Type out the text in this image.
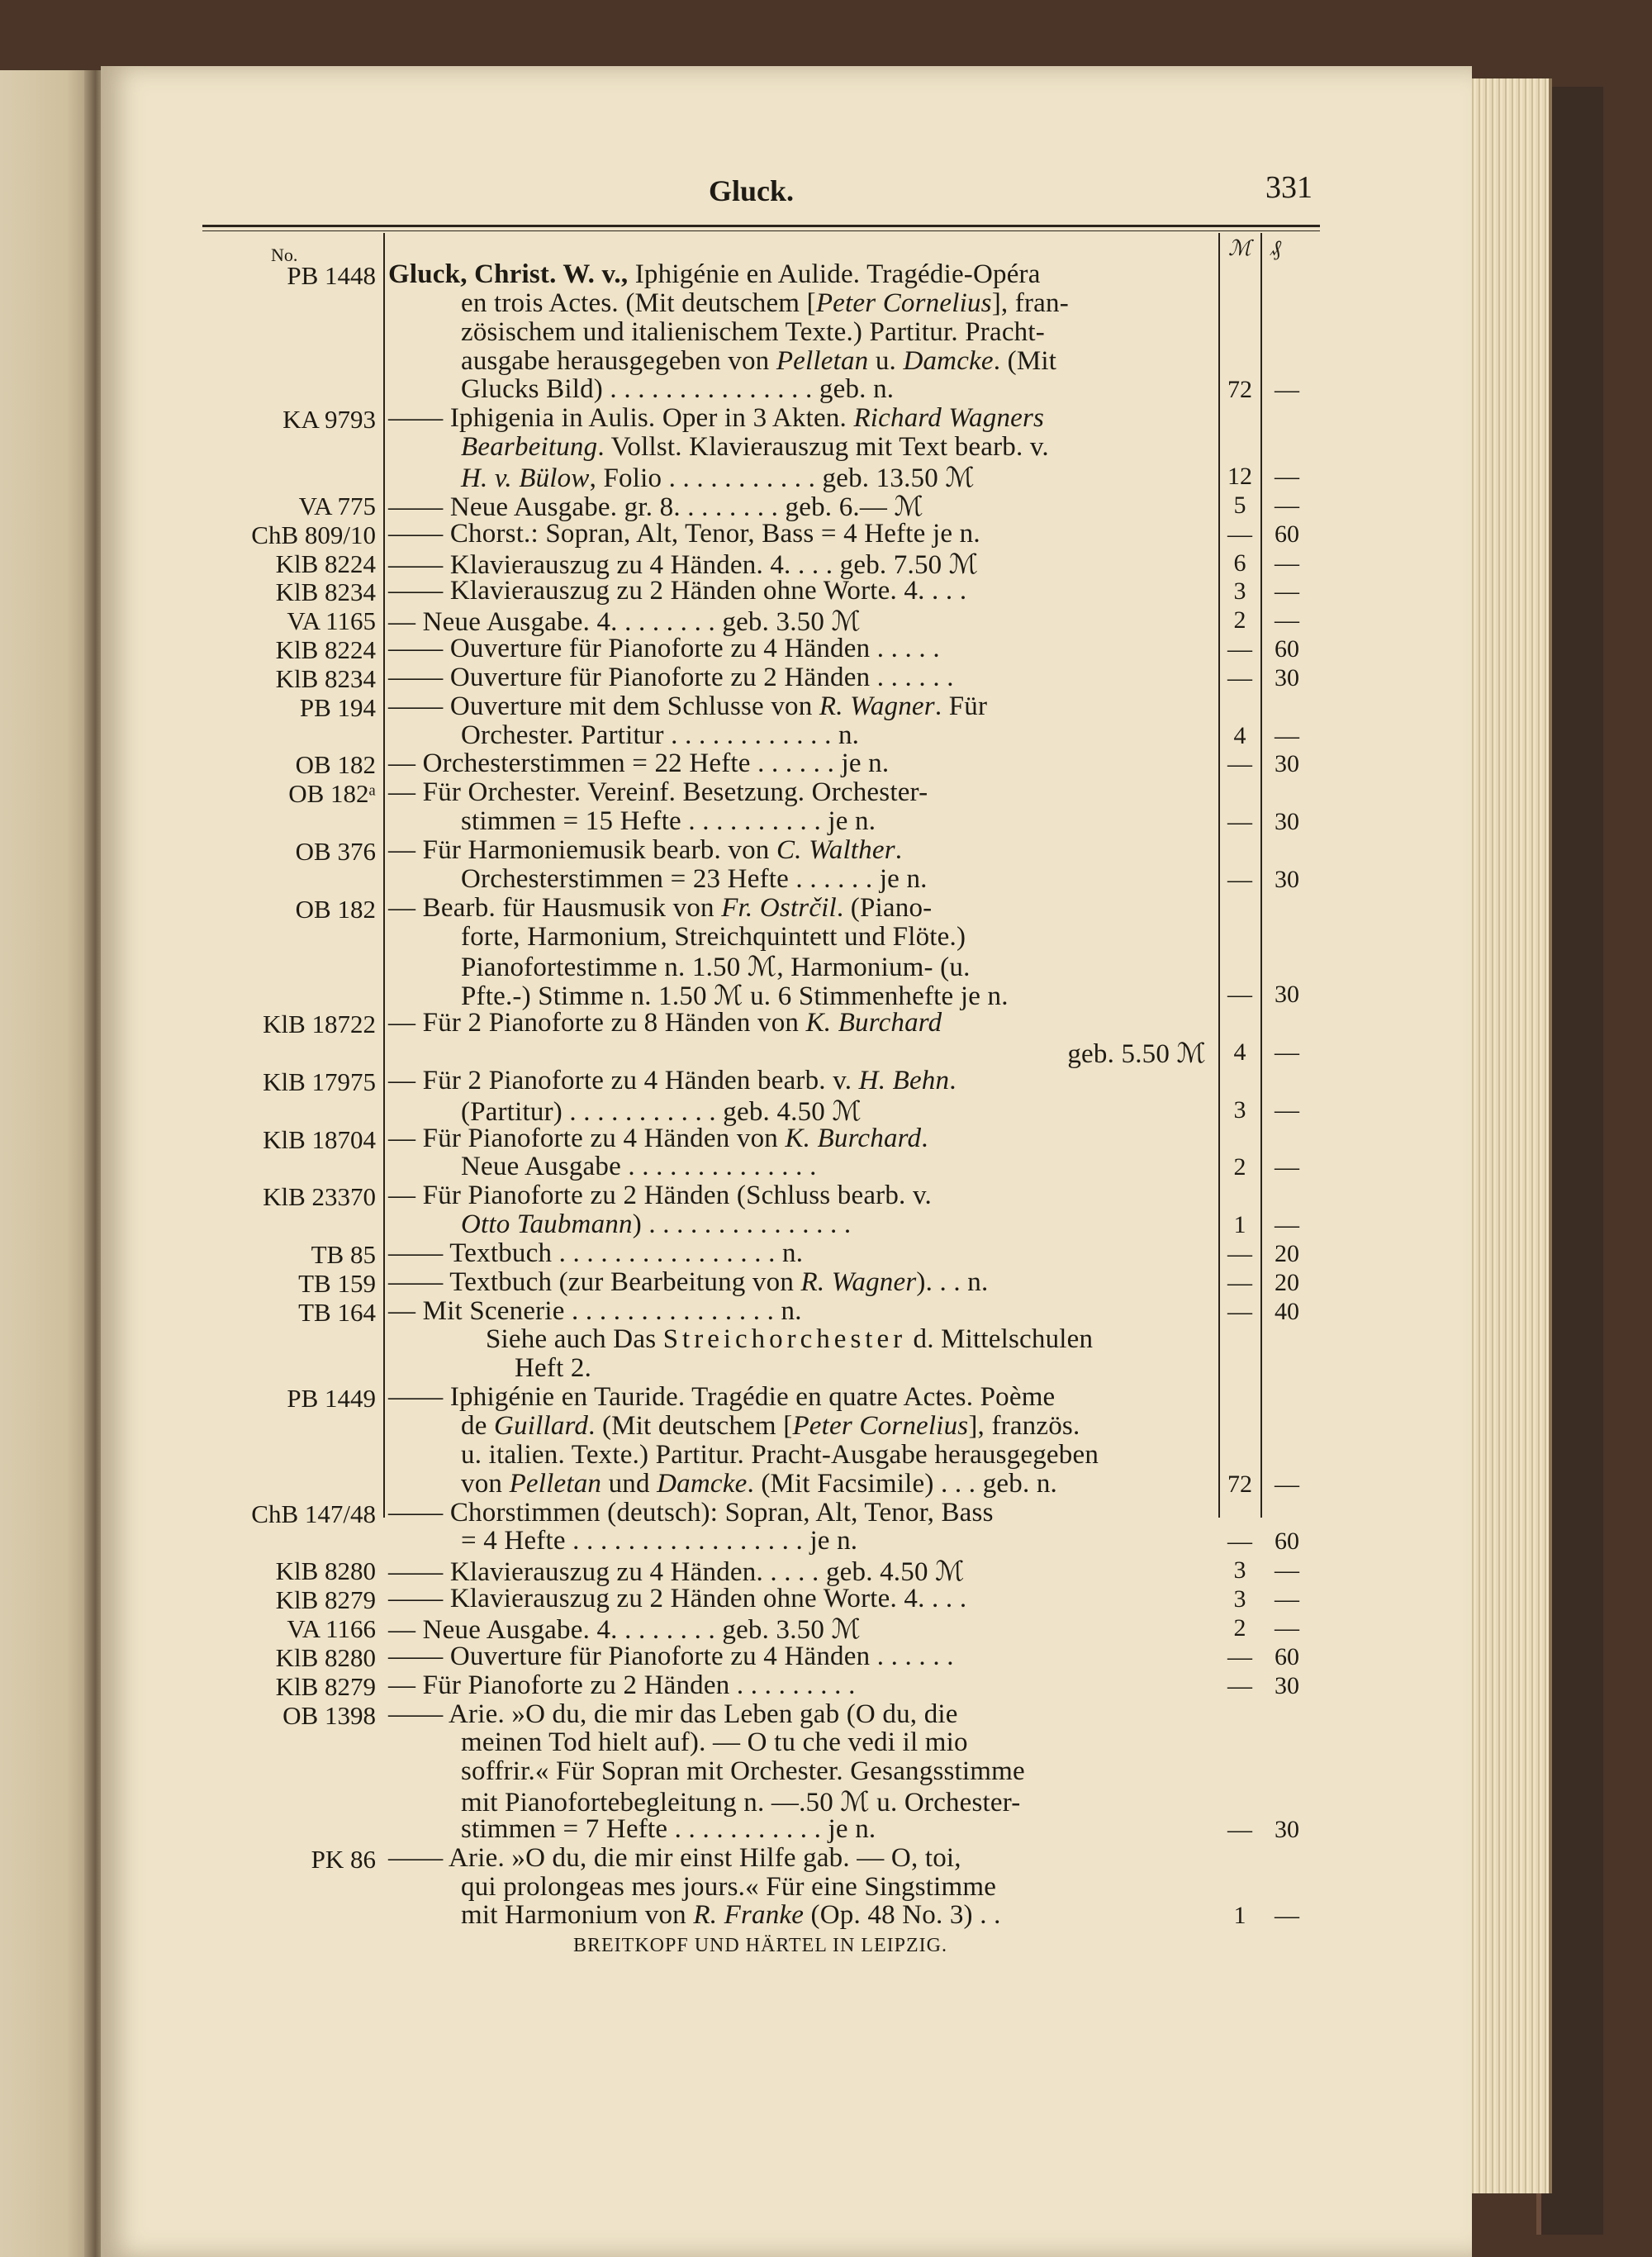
Gluck.	331
No.	ℳ ₰
PB 1448 Gluck, Christ. W. v., Iphigénie en Aulide. Tragédie-Opéra
en trois Actes. (Mit deutschem [Peter Cornelius], fran-
zösischem und italienischem Texte.) Partitur. Pracht-
ausgabe herausgegeben von Pelletan u. Damcke. (Mit
Glucks Bild) . . . . . . . . . . . . . . . geb. n.	72 —
KA 9793 —— Iphigenia in Aulis. Oper in 3 Akten. Richard Wagners
Bearbeitung. Vollst. Klavierauszug mit Text bearb. v.
H. v. Bülow, Folio . . . . . . . . . . . geb. 13.50 ℳ	12 —
VA 775 —— Neue Ausgabe. gr. 8. . . . . . . . geb. 6.— ℳ	5	—
ChB 809/10 —— Chorst.: Sopran, Alt, Tenor, Bass = 4 Hefte je n.	— 60
KlB 8224 —— Klavierauszug zu 4 Händen. 4. . . . geb. 7.50 ℳ	6	—
KlB 8234 —— Klavierauszug zu 2 Händen ohne Worte. 4. . . .	3	—
VA 1165 — Neue Ausgabe. 4. . . . . . . . geb. 3.50 ℳ	2	—
KlB 8224 —— Ouverture für Pianoforte zu 4 Händen . . . . .	— 60
KlB 8234 —— Ouverture für Pianoforte zu 2 Händen . . . . . .	— 30
PB 194 —— Ouverture mit dem Schlusse von R. Wagner. Für
Orchester. Partitur . . . . . . . . . . . . n.	4	—
OB 182 — Orchesterstimmen = 22 Hefte . . . . . . je n.	— 30
OB 182ᵃ — Für Orchester. Vereinf. Besetzung. Orchester-
stimmen = 15 Hefte . . . . . . . . . . je n.	— 30
OB 376 — Für Harmoniemusik bearb. von C. Walther.
Orchesterstimmen = 23 Hefte . . . . . . je n.	— 30
OB 182 — Bearb. für Hausmusik von Fr. Ostrčil. (Piano-
forte, Harmonium, Streichquintett und Flöte.)
Pianofortestimme n. 1.50 ℳ, Harmonium- (u.
Pfte.-) Stimme n. 1.50 ℳ u. 6 Stimmenhefte je n.	— 30
KlB 18722 — Für 2 Pianoforte zu 8 Händen von K. Burchard
geb. 5.50 ℳ	4	—
KlB 17975 — Für 2 Pianoforte zu 4 Händen bearb. v. H. Behn.
(Partitur) . . . . . . . . . . . geb. 4.50 ℳ	3	—
KlB 18704 — Für Pianoforte zu 4 Händen von K. Burchard.
Neue Ausgabe . . . . . . . . . . . . . .	2	—
KlB 23370 — Für Pianoforte zu 2 Händen (Schluss bearb. v.
Otto Taubmann) . . . . . . . . . . . . . . .	1	—
TB 85 —— Textbuch . . . . . . . . . . . . . . . . n.	— 20
TB 159 —— Textbuch (zur Bearbeitung von R. Wagner). . . n.	— 20
TB 164 — Mit Scenerie . . . . . . . . . . . . . . . n.	— 40
Siehe auch Das Streichorchester d. Mittelschulen
Heft 2.
PB 1449 —— Iphigénie en Tauride. Tragédie en quatre Actes. Poème
de Guillard. (Mit deutschem [Peter Cornelius], französ.
u. italien. Texte.) Partitur. Pracht-Ausgabe herausgegeben
von Pelletan und Damcke. (Mit Facsimile) . . . geb. n.	72 —
ChB 147/48 —— Chorstimmen (deutsch): Sopran, Alt, Tenor, Bass
= 4 Hefte . . . . . . . . . . . . . . . . . je n.	— 60
KlB 8280 —— Klavierauszug zu 4 Händen. . . . . geb. 4.50 ℳ	3	—
KlB 8279 —— Klavierauszug zu 2 Händen ohne Worte. 4. . . .	3	—
VA 1166 — Neue Ausgabe. 4. . . . . . . . geb. 3.50 ℳ	2	—
KlB 8280 —— Ouverture für Pianoforte zu 4 Händen . . . . . .	— 60
KlB 8279 — Für Pianoforte zu 2 Händen . . . . . . . . .	— 30
OB 1398 —— Arie. »O du, die mir das Leben gab (O du, die
meinen Tod hielt auf). — O tu che vedi il mio
soffrir.« Für Sopran mit Orchester. Gesangsstimme
mit Pianofortebegleitung n. —.50 ℳ u. Orchester-
stimmen = 7 Hefte . . . . . . . . . . . je n.	— 30
PK 86 —— Arie. »O du, die mir einst Hilfe gab. — O, toi,
qui prolongeas mes jours.« Für eine Singstimme
mit Harmonium von R. Franke (Op. 48 No. 3) . .	1	—
BREITKOPF UND HÄRTEL IN LEIPZIG.
